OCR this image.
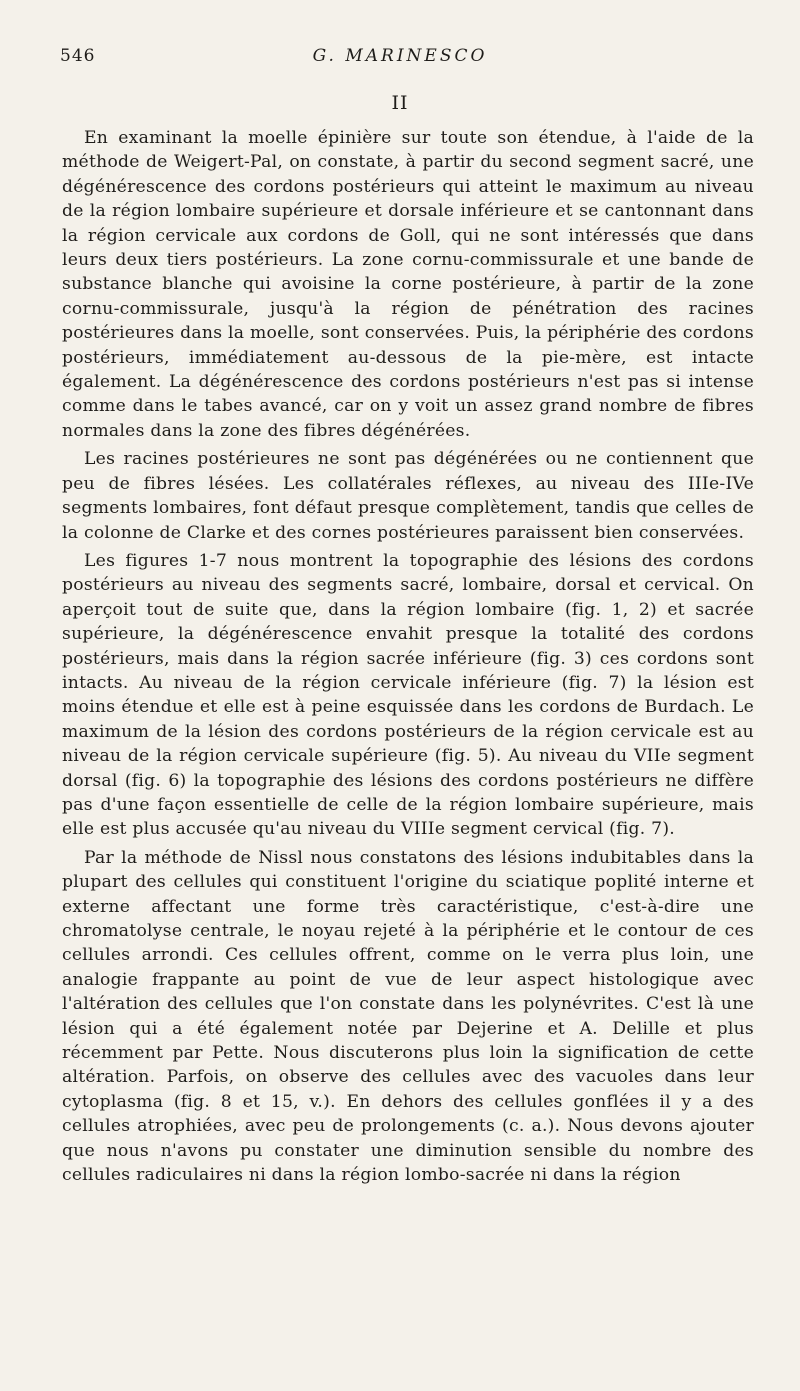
546	G. MARINESCO
II

En examinant la moelle épinière sur toute son étendue, à l'aide de la méthode de Weigert-Pal, on constate, à partir du second segment sacré, une dégénérescence des cordons postérieurs qui atteint le maximum au niveau de la région lombaire supérieure et dorsale inférieure et se cantonnant dans la région cervicale aux cordons de Goll, qui ne sont intéressés que dans leurs deux tiers postérieurs. La zone cornu-commissurale et une bande de substance blanche qui avoisine la corne postérieure, à partir de la zone cornu-commissurale, jusqu'à la région de pénétration des racines postérieures dans la moelle, sont conservées. Puis, la périphérie des cordons postérieurs, immédiatement au-dessous de la pie-mère, est intacte également. La dégénérescence des cordons postérieurs n'est pas si intense comme dans le tabes avancé, car on y voit un assez grand nombre de fibres normales dans la zone des fibres dégénérées.

Les racines postérieures ne sont pas dégénérées ou ne contiennent que peu de fibres lésées. Les collatérales réflexes, au niveau des IIIe-IVe segments lombaires, font défaut presque complètement, tandis que celles de la colonne de Clarke et des cornes postérieures paraissent bien conservées.

Les figures 1-7 nous montrent la topographie des lésions des cordons postérieurs au niveau des segments sacré, lombaire, dorsal et cervical. On aperçoit tout de suite que, dans la région lombaire (fig. 1, 2) et sacrée supérieure, la dégénérescence envahit presque la totalité des cordons postérieurs, mais dans la région sacrée inférieure (fig. 3) ces cordons sont intacts. Au niveau de la région cervicale inférieure (fig. 7) la lésion est moins étendue et elle est à peine esquissée dans les cordons de Burdach. Le maximum de la lésion des cordons postérieurs de la région cervicale est au niveau de la région cervicale supérieure (fig. 5). Au niveau du VIIe segment dorsal (fig. 6) la topographie des lésions des cordons postérieurs ne diffère pas d'une façon essentielle de celle de la région lombaire supérieure, mais elle est plus accusée qu'au niveau du VIIIe segment cervical (fig. 7).

Par la méthode de Nissl nous constatons des lésions indubitables dans la plupart des cellules qui constituent l'origine du sciatique poplité interne et externe affectant une forme très caractéristique, c'est-à-dire une chromatolyse centrale, le noyau rejeté à la périphérie et le contour de ces cellules arrondi. Ces cellules offrent, comme on le verra plus loin, une analogie frappante au point de vue de leur aspect histologique avec l'altération des cellules que l'on constate dans les polynévrites. C'est là une lésion qui a été également notée par Dejerine et A. Delille et plus récemment par Pette. Nous discuterons plus loin la signification de cette altération. Parfois, on observe des cellules avec des vacuoles dans leur cytoplasma (fig. 8 et 15, v.). En dehors des cellules gonflées il y a des cellules atrophiées, avec peu de prolongements (c. a.). Nous devons ajouter que nous n'avons pu constater une diminution sensible du nombre des cellules radiculaires ni dans la région lombo-sacrée ni dans la région
